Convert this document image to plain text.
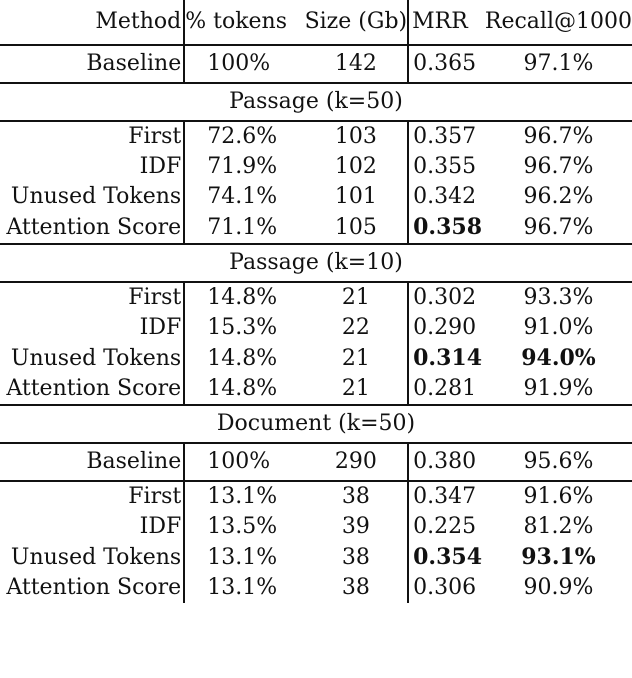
Method	% tokens	Size (Gb)	MRR	Recall@1000
Baseline	100%	142	0.365	97.1%
Passage (k=50)				
First	72.6%	103	0.357	96.7%
IDF	71.9%	102	0.355	96.7%
Unused Tokens	74.1%	101	0.342	96.2%
Attention Score	71.1%	105	0.358	96.7%
Passage (k=10)				
First	14.8%	21	0.302	93.3%
IDF	15.3%	22	0.290	91.0%
Unused Tokens	14.8%	21	0.314	94.0%
Attention Score	14.8%	21	0.281	91.9%
Document (k=50)				
Baseline	100%	290	0.380	95.6%
First	13.1%	38	0.347	91.6%
IDF	13.5%	39	0.225	81.2%
Unused Tokens	13.1%	38	0.354	93.1%
Attention Score	13.1%	38	0.306	90.9%
